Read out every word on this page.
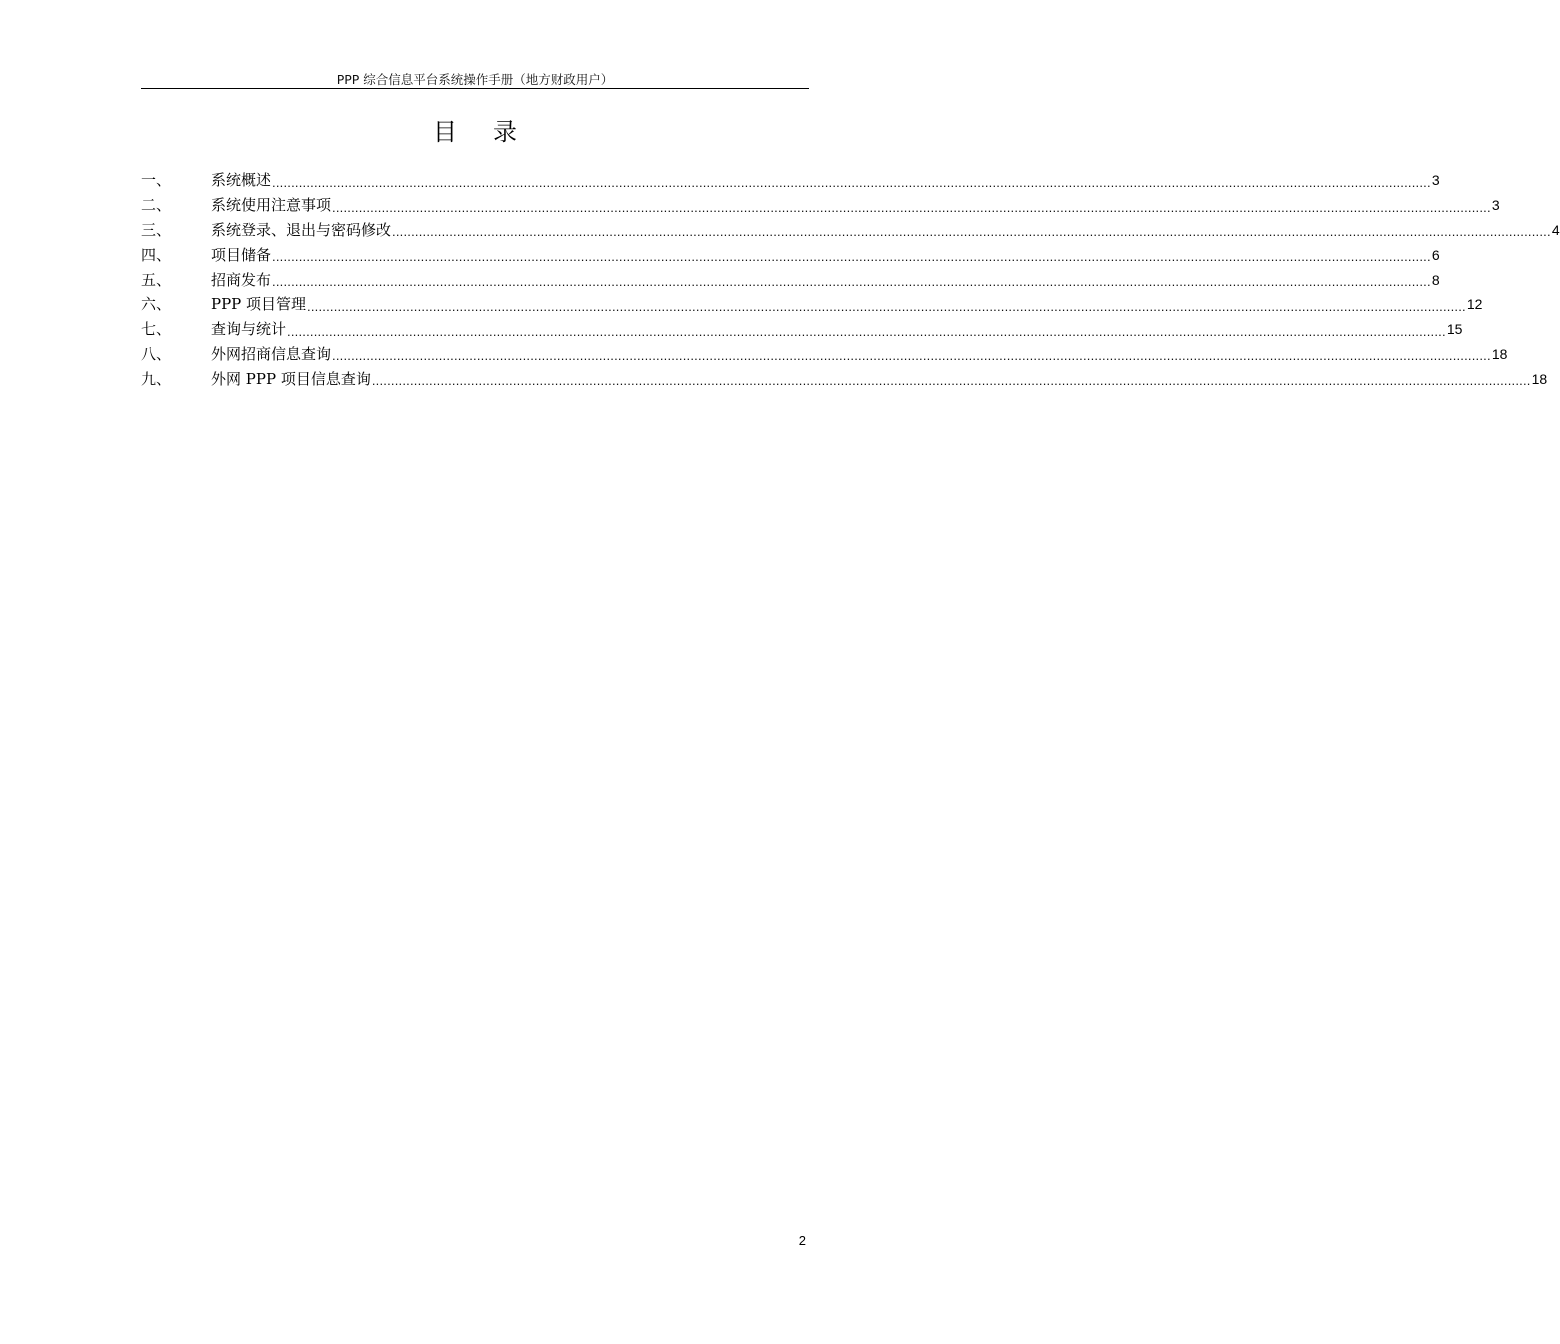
PPP 综合信息平台系统操作手册（地方财政用户）
目录
一、	系统概述 ................................................................................................................................................................................................................................................................................................................ 3
二、	系统使用注意事项 ................................................................................................................................................................................................................................................................................................................ 3
三、	系统登录、退出与密码修改 ................................................................................................................................................................................................................................................................................................................ 4
四、	项目储备 ................................................................................................................................................................................................................................................................................................................ 6
五、	招商发布 ................................................................................................................................................................................................................................................................................................................ 8
六、	PPP 项目管理 ................................................................................................................................................................................................................................................................................................................ 12
七、	查询与统计 ................................................................................................................................................................................................................................................................................................................ 15
八、	外网招商信息查询 ................................................................................................................................................................................................................................................................................................................ 18
九、	外网 PPP 项目信息查询 ................................................................................................................................................................................................................................................................................................................ 18
2
